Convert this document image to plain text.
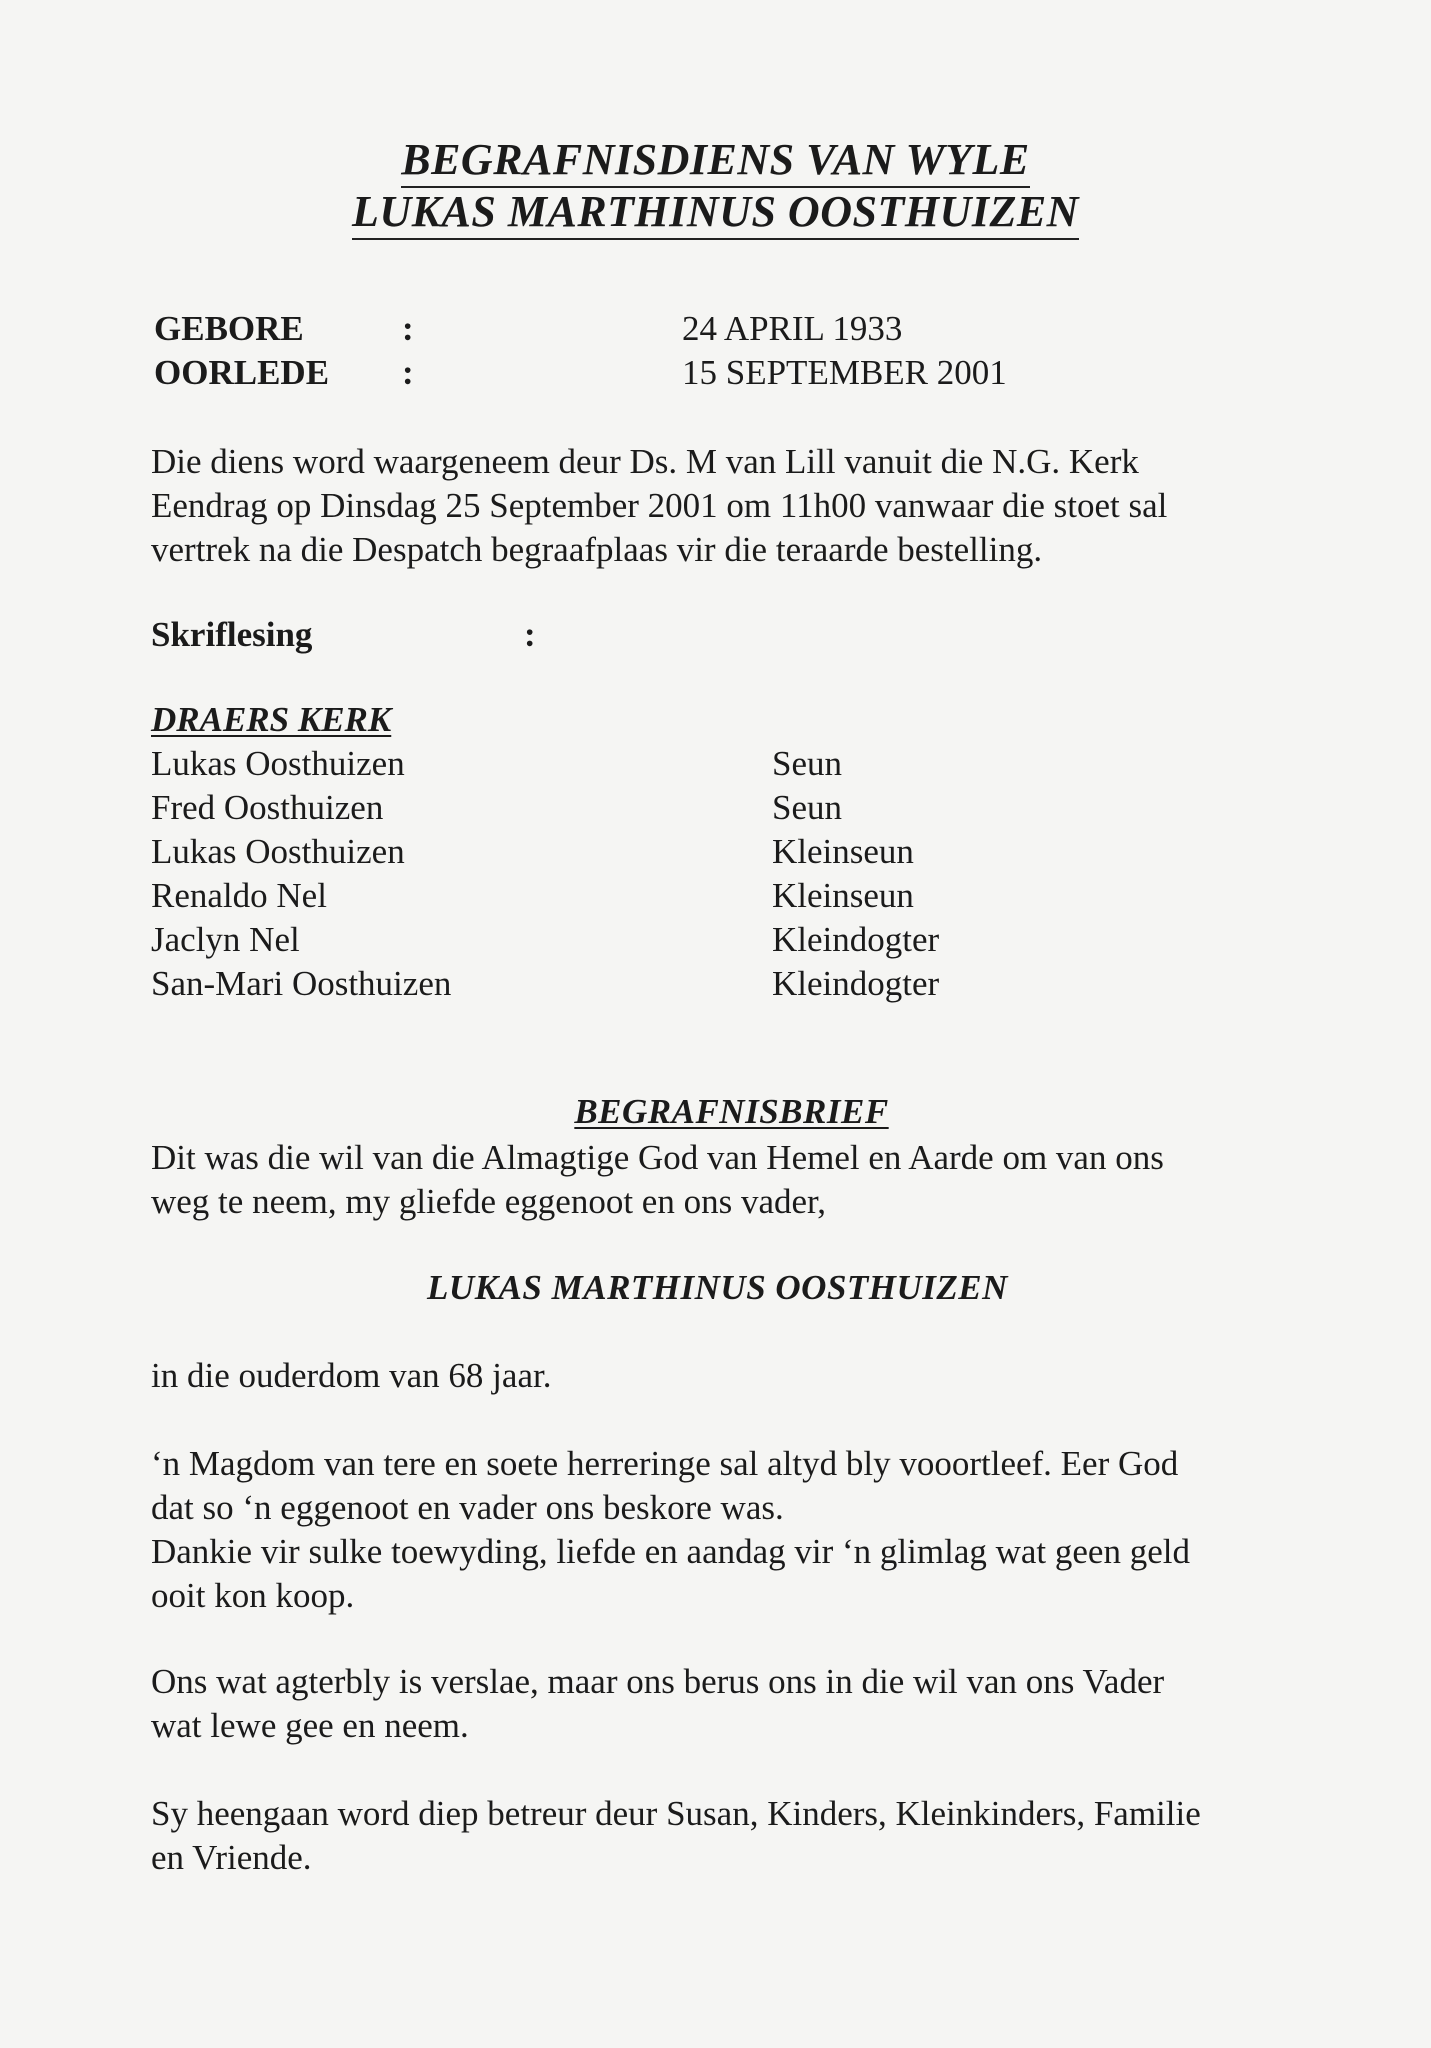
BEGRAFNISDIENS VAN WYLE
LUKAS MARTHINUS OOSTHUIZEN
GEBORE	:	24 APRIL 1933
OORLEDE :	15 SEPTEMBER 2001
Die diens word waargeneem deur Ds. M van Lill vanuit die N.G. Kerk
Eendrag op Dinsdag 25 September 2001 om 11h00 vanwaar die stoet sal
vertrek na die Despatch begraafplaas vir die teraarde bestelling.
Skriflesing	:
DRAERS KERK
Lukas Oosthuizen	Seun
Fred Oosthuizen	Seun
Lukas Oosthuizen	Kleinseun
Renaldo Nel	Kleinseun
Jaclyn Nel	Kleindogter
San-Mari Oosthuizen	Kleindogter
BEGRAFNISBRIEF
Dit was die wil van die Almagtige God van Hemel en Aarde om van ons
weg te neem, my gliefde eggenoot en ons vader,
LUKAS MARTHINUS OOSTHUIZEN
in die ouderdom van 68 jaar.
‘n Magdom van tere en soete herreringe sal altyd bly vooortleef. Eer God
dat so ‘n eggenoot en vader ons beskore was.
Dankie vir sulke toewyding, liefde en aandag vir ‘n glimlag wat geen geld
ooit kon koop.
Ons wat agterbly is verslae, maar ons berus ons in die wil van ons Vader
wat lewe gee en neem.
Sy heengaan word diep betreur deur Susan, Kinders, Kleinkinders, Familie
en Vriende.
